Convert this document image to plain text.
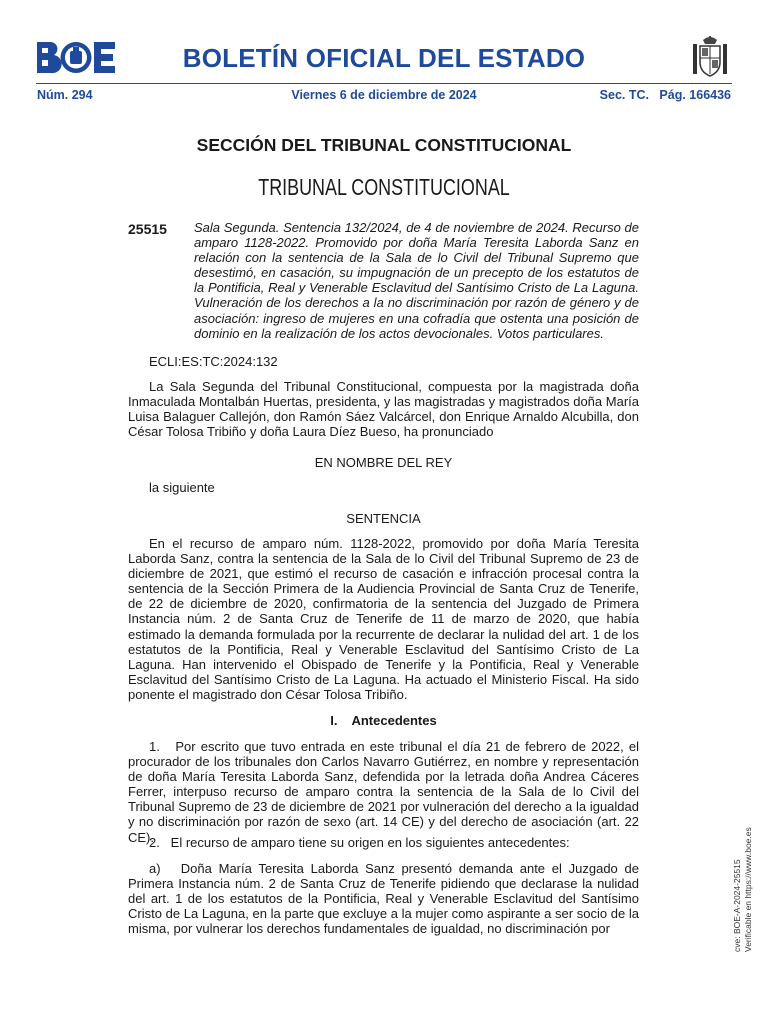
BOLETÍN OFICIAL DEL ESTADO
Núm. 294	Viernes 6 de diciembre de 2024	Sec. TC.   Pág. 166436
SECCIÓN DEL TRIBUNAL CONSTITUCIONAL
TRIBUNAL CONSTITUCIONAL
25515 Sala Segunda. Sentencia 132/2024, de 4 de noviembre de 2024. Recurso de amparo 1128-2022. Promovido por doña María Teresita Laborda Sanz en relación con la sentencia de la Sala de lo Civil del Tribunal Supremo que desestimó, en casación, su impugnación de un precepto de los estatutos de la Pontificia, Real y Venerable Esclavitud del Santísimo Cristo de La Laguna. Vulneración de los derechos a la no discriminación por razón de género y de asociación: ingreso de mujeres en una cofradía que ostenta una posición de dominio en la realización de los actos devocionales. Votos particulares.
ECLI:ES:TC:2024:132

La Sala Segunda del Tribunal Constitucional, compuesta por la magistrada doña Inmaculada Montalbán Huertas, presidenta, y las magistradas y magistrados doña María Luisa Balaguer Callejón, don Ramón Sáez Valcárcel, don Enrique Arnaldo Alcubilla, don César Tolosa Tribiño y doña Laura Díez Bueso, ha pronunciado

EN NOMBRE DEL REY
la siguiente
SENTENCIA

En el recurso de amparo núm. 1128-2022, promovido por doña María Teresita Laborda Sanz, contra la sentencia de la Sala de lo Civil del Tribunal Supremo de 23 de diciembre de 2021, que estimó el recurso de casación e infracción procesal contra la sentencia de la Sección Primera de la Audiencia Provincial de Santa Cruz de Tenerife, de 22 de diciembre de 2020, confirmatoria de la sentencia del Juzgado de Primera Instancia núm. 2 de Santa Cruz de Tenerife de 11 de marzo de 2020, que había estimado la demanda formulada por la recurrente de declarar la nulidad del art. 1 de los estatutos de la Pontificia, Real y Venerable Esclavitud del Santísimo Cristo de La Laguna. Han intervenido el Obispado de Tenerife y la Pontificia, Real y Venerable Esclavitud del Santísimo Cristo de La Laguna. Ha actuado el Ministerio Fiscal. Ha sido ponente el magistrado don César Tolosa Tribiño.

I.    Antecedentes

1.   Por escrito que tuvo entrada en este tribunal el día 21 de febrero de 2022, el procurador de los tribunales don Carlos Navarro Gutiérrez, en nombre y representación de doña María Teresita Laborda Sanz, defendida por la letrada doña Andrea Cáceres Ferrer, interpuso recurso de amparo contra la sentencia de la Sala de lo Civil del Tribunal Supremo de 23 de diciembre de 2021 por vulneración del derecho a la igualdad y no discriminación por razón de sexo (art. 14 CE) y del derecho de asociación (art. 22 CE).

2.   El recurso de amparo tiene su origen en los siguientes antecedentes:

a)   Doña María Teresita Laborda Sanz presentó demanda ante el Juzgado de Primera Instancia núm. 2 de Santa Cruz de Tenerife pidiendo que declarase la nulidad del art. 1 de los estatutos de la Pontificia, Real y Venerable Esclavitud del Santísimo Cristo de La Laguna, en la parte que excluye a la mujer como aspirante a ser socio de la misma, por vulnerar los derechos fundamentales de igualdad, no discriminación por	cve: BOE-A-2024-25515 Verificable en https://www.boe.es
